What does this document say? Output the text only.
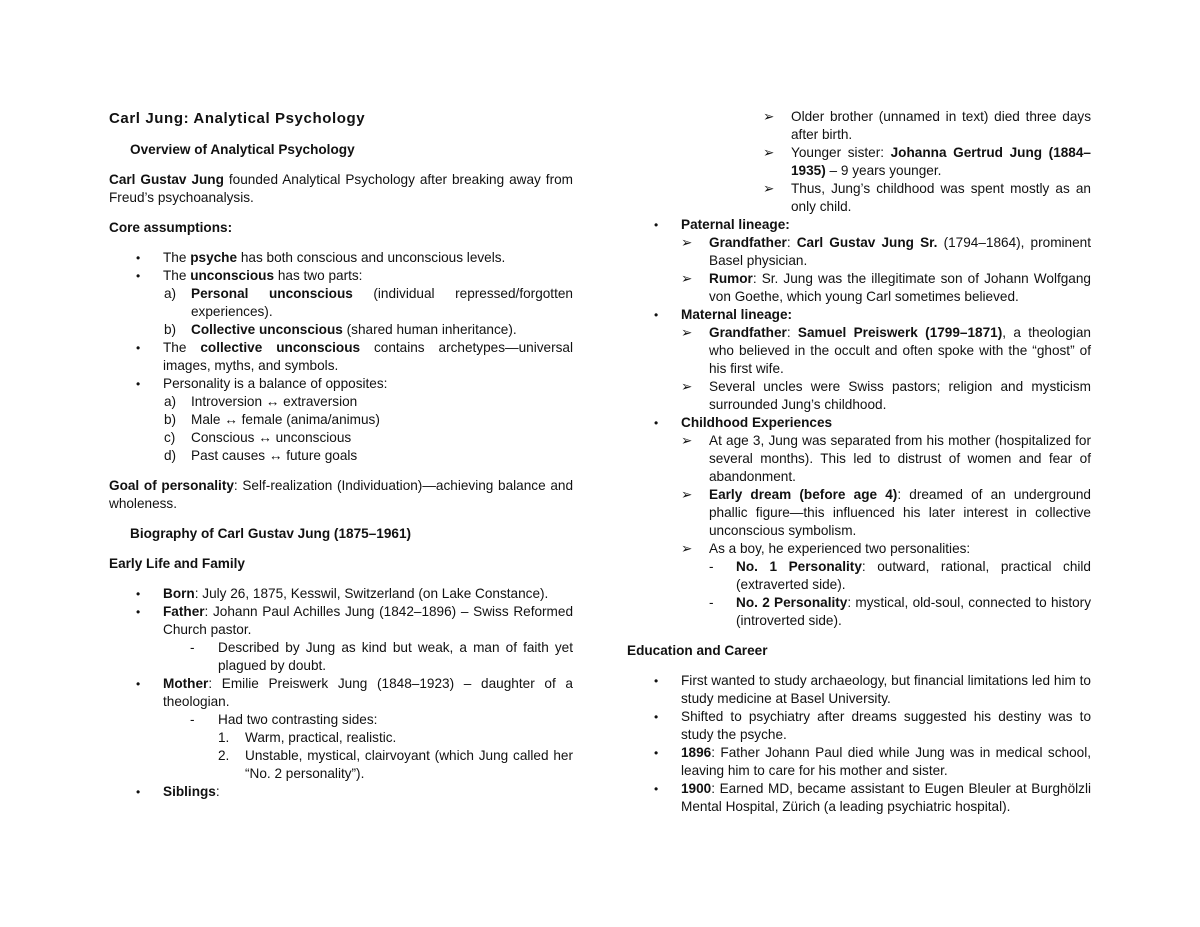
Carl Jung: Analytical Psychology

Overview of Analytical Psychology

Carl Gustav Jung founded Analytical Psychology after breaking away from Freud’s psychoanalysis.

Core assumptions:

• The psyche has both conscious and unconscious levels.
• The unconscious has two parts:
a) Personal unconscious (individual repressed/forgotten experiences).
b) Collective unconscious (shared human inheritance).
• The collective unconscious contains archetypes—universal images, myths, and symbols.
• Personality is a balance of opposites:
a) Introversion ↔ extraversion
b) Male ↔ female (anima/animus)
c) Conscious ↔ unconscious
d) Past causes ↔ future goals

Goal of personality: Self-realization (Individuation)—achieving balance and wholeness.

Biography of Carl Gustav Jung (1875–1961)

Early Life and Family

• Born: July 26, 1875, Kesswil, Switzerland (on Lake Constance).
• Father: Johann Paul Achilles Jung (1842–1896) – Swiss Reformed Church pastor.
- Described by Jung as kind but weak, a man of faith yet plagued by doubt.
• Mother: Emilie Preiswerk Jung (1848–1923) – daughter of a theologian.
- Had two contrasting sides:
1. Warm, practical, realistic.
2. Unstable, mystical, clairvoyant (which Jung called her “No. 2 personality”).
• Siblings:
➢ Older brother (unnamed in text) died three days after birth.
➢ Younger sister: Johanna Gertrud Jung (1884–1935) – 9 years younger.
➢ Thus, Jung’s childhood was spent mostly as an only child.
• Paternal lineage:
➢ Grandfather: Carl Gustav Jung Sr. (1794–1864), prominent Basel physician.
➢ Rumor: Sr. Jung was the illegitimate son of Johann Wolfgang von Goethe, which young Carl sometimes believed.
• Maternal lineage:
➢ Grandfather: Samuel Preiswerk (1799–1871), a theologian who believed in the occult and often spoke with the “ghost” of his first wife.
➢ Several uncles were Swiss pastors; religion and mysticism surrounded Jung’s childhood.
• Childhood Experiences
➢ At age 3, Jung was separated from his mother (hospitalized for several months). This led to distrust of women and fear of abandonment.
➢ Early dream (before age 4): dreamed of an underground phallic figure—this influenced his later interest in collective unconscious symbolism.
➢ As a boy, he experienced two personalities:
- No. 1 Personality: outward, rational, practical child (extraverted side).
- No. 2 Personality: mystical, old-soul, connected to history (introverted side).

Education and Career

• First wanted to study archaeology, but financial limitations led him to study medicine at Basel University.
• Shifted to psychiatry after dreams suggested his destiny was to study the psyche.
• 1896: Father Johann Paul died while Jung was in medical school, leaving him to care for his mother and sister.
• 1900: Earned MD, became assistant to Eugen Bleuler at Burghölzli Mental Hospital, Zürich (a leading psychiatric hospital).
